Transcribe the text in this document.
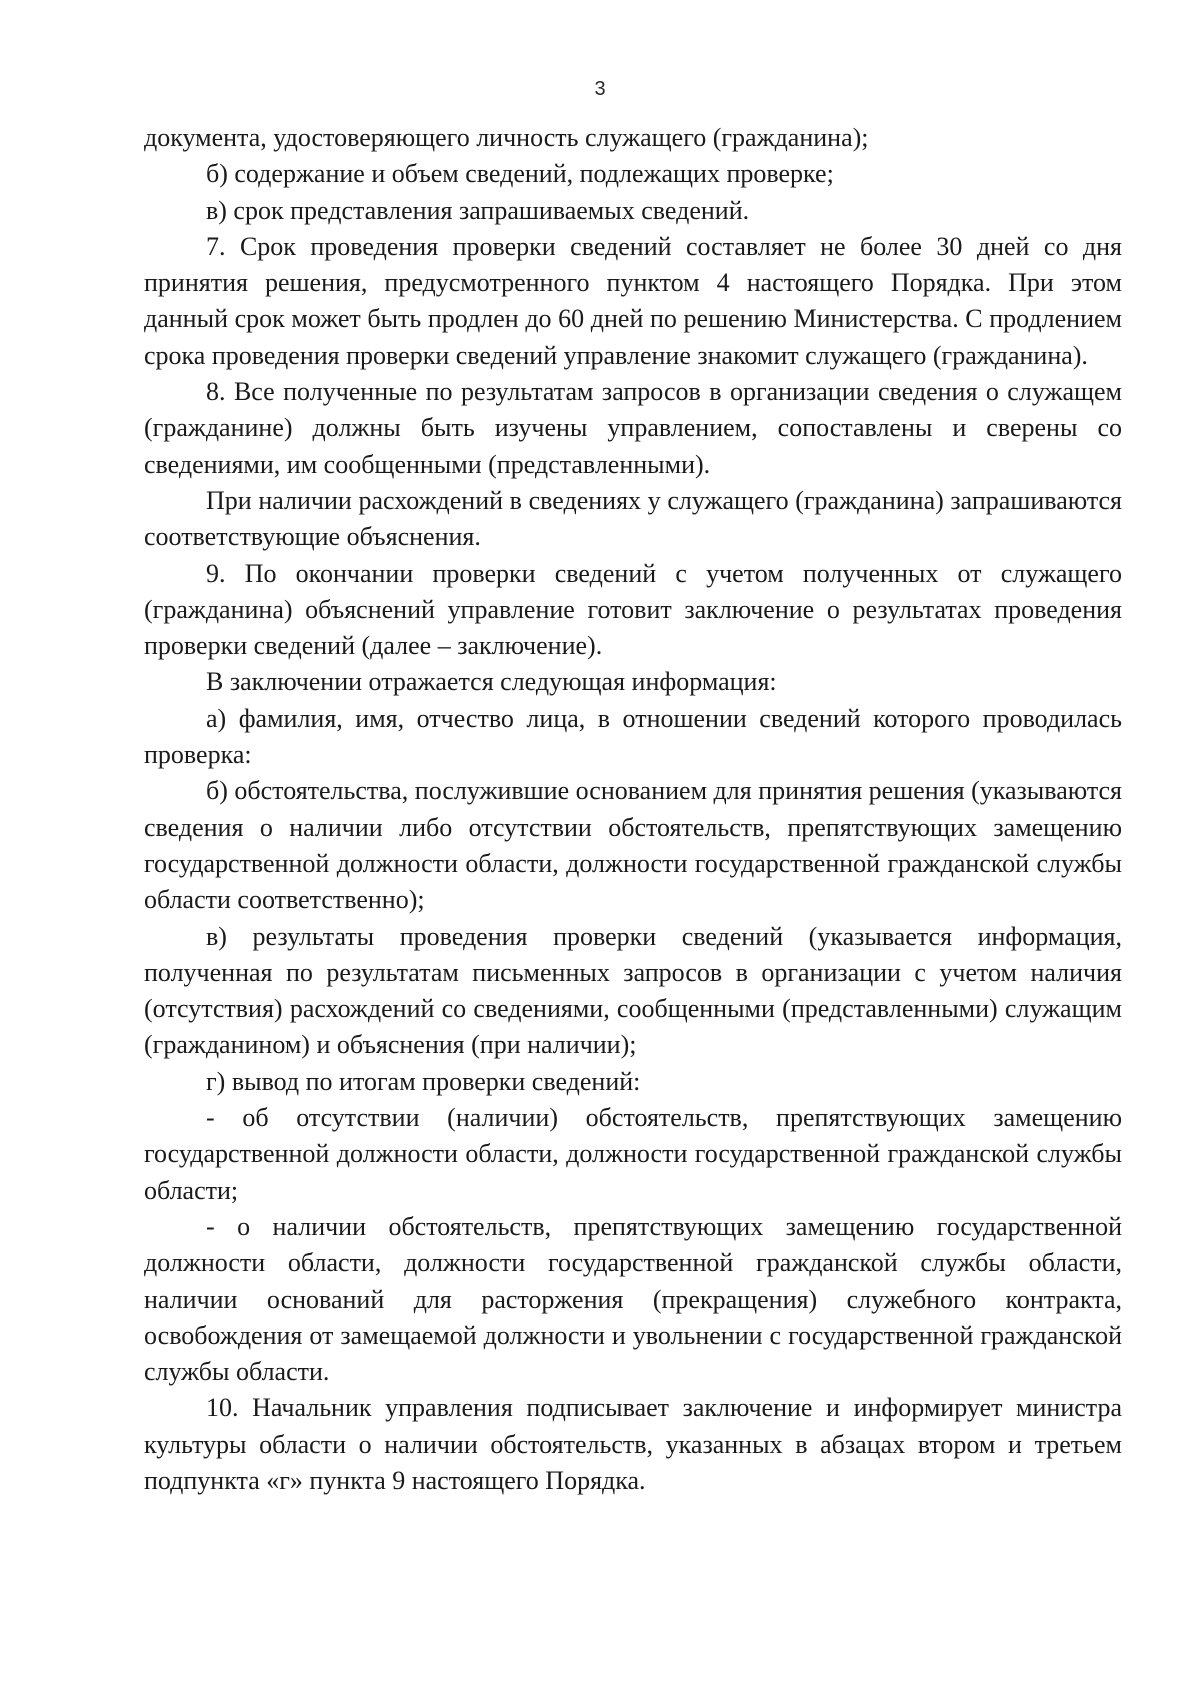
3

документа, удостоверяющего личность служащего (гражданина);

б) содержание и объем сведений, подлежащих проверке;

в) срок представления запрашиваемых сведений.

7. Срок проведения проверки сведений составляет не более 30 дней со дня принятия решения, предусмотренного пунктом 4 настоящего Порядка. При этом данный срок может быть продлен до 60 дней по решению Министерства. С продлением срока проведения проверки сведений управление знакомит служащего (гражданина).

8. Все полученные по результатам запросов в организации сведения о служащем (гражданине) должны быть изучены управлением, сопоставлены и сверены со сведениями, им сообщенными (представленными).

При наличии расхождений в сведениях у служащего (гражданина) запрашиваются соответствующие объяснения.

9. По окончании проверки сведений с учетом полученных от служащего (гражданина) объяснений управление готовит заключение о результатах проведения проверки сведений (далее – заключение).

В заключении отражается следующая информация:

а) фамилия, имя, отчество лица, в отношении сведений которого проводилась проверка:

б) обстоятельства, послужившие основанием для принятия решения (указываются сведения о наличии либо отсутствии обстоятельств, препятствующих замещению государственной должности области, должности государственной гражданской службы области соответственно);

в) результаты проведения проверки сведений (указывается информация, полученная по результатам письменных запросов в организации с учетом наличия (отсутствия) расхождений со сведениями, сообщенными (представленными) служащим (гражданином) и объяснения (при наличии);

г) вывод по итогам проверки сведений:

- об отсутствии (наличии) обстоятельств, препятствующих замещению государственной должности области, должности государственной гражданской службы области;

- о наличии обстоятельств, препятствующих замещению государственной должности области, должности государственной гражданской службы области, наличии оснований для расторжения (прекращения) служебного контракта, освобождения от замещаемой должности и увольнении с государственной гражданской службы области.

10. Начальник управления подписывает заключение и информирует министра культуры области о наличии обстоятельств, указанных в абзацах втором и третьем подпункта «г» пункта 9 настоящего Порядка.
